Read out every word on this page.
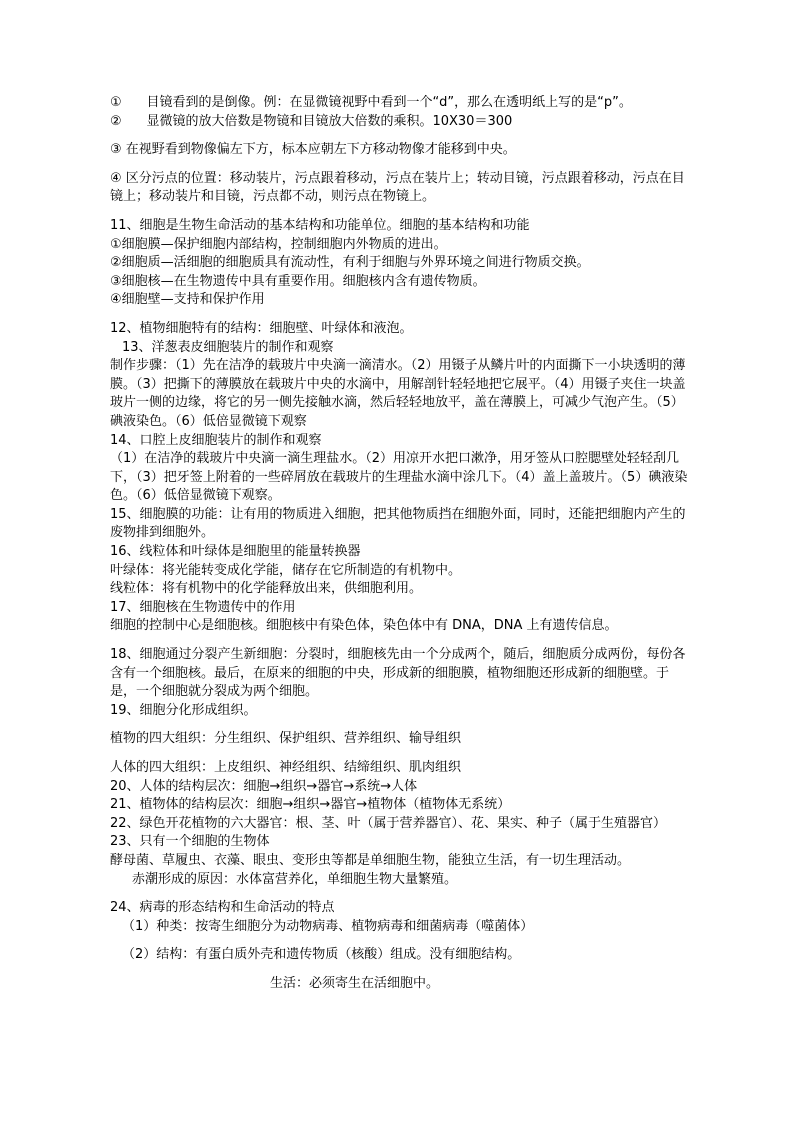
①      目镜看到的是倒像。例：在显微镜视野中看到一个“d”，那么在透明纸上写的是“p”。
②      显微镜的放大倍数是物镜和目镜放大倍数的乘积。10X30＝300
③ 在视野看到物像偏左下方，标本应朝左下方移动物像才能移到中央。
④ 区分污点的位置：移动装片，污点跟着移动，污点在装片上；转动目镜，污点跟着移动，污点在目镜上；移动装片和目镜，污点都不动，则污点在物镜上。
11、细胞是生物生命活动的基本结构和功能单位。细胞的基本结构和功能
①细胞膜—保护细胞内部结构，控制细胞内外物质的进出。
②细胞质—活细胞的细胞质具有流动性，有利于细胞与外界环境之间进行物质交换。
③细胞核—在生物遗传中具有重要作用。细胞核内含有遗传物质。
④细胞壁—支持和保护作用
12、植物细胞特有的结构：细胞壁、叶绿体和液泡。
13、洋葱表皮细胞装片的制作和观察
制作步骤：（1）先在洁净的载玻片中央滴一滴清水。（2）用镊子从鳞片叶的内面撕下一小块透明的薄膜。（3）把撕下的薄膜放在载玻片中央的水滴中，用解剖针轻轻地把它展平。（4）用镊子夹住一块盖玻片一侧的边缘，将它的另一侧先接触水滴，然后轻轻地放平，盖在薄膜上，可减少气泡产生。（5）碘液染色。（6）低倍显微镜下观察
14、口腔上皮细胞装片的制作和观察
（1）在洁净的载玻片中央滴一滴生理盐水。（2）用凉开水把口漱净，用牙签从口腔腮壁处轻轻刮几下，（3）把牙签上附着的一些碎屑放在载玻片的生理盐水滴中涂几下。（4）盖上盖玻片。（5）碘液染色。（6）低倍显微镜下观察。
15、细胞膜的功能：让有用的物质进入细胞，把其他物质挡在细胞外面，同时，还能把细胞内产生的废物排到细胞外。
16、线粒体和叶绿体是细胞里的能量转换器
叶绿体：将光能转变成化学能，储存在它所制造的有机物中。
线粒体：将有机物中的化学能释放出来，供细胞利用。
17、细胞核在生物遗传中的作用
细胞的控制中心是细胞核。细胞核中有染色体，染色体中有 DNA，DNA 上有遗传信息。
18、细胞通过分裂产生新细胞：分裂时，细胞核先由一个分成两个，随后，细胞质分成两份，每份各含有一个细胞核。最后，在原来的细胞的中央，形成新的细胞膜，植物细胞还形成新的细胞壁。于是，一个细胞就分裂成为两个细胞。
19、细胞分化形成组织。
植物的四大组织：分生组织、保护组织、营养组织、输导组织
人体的四大组织：上皮组织、神经组织、结缔组织、肌肉组织
20、人体的结构层次：细胞→组织→器官→系统→人体
21、植物体的结构层次：细胞→组织→器官→植物体（植物体无系统）
22、绿色开花植物的六大器官：根、茎、叶（属于营养器官）、花、果实、种子（属于生殖器官）
23、只有一个细胞的生物体
酵母菌、草履虫、衣藻、眼虫、变形虫等都是单细胞生物，能独立生活，有一切生理活动。
赤潮形成的原因：水体富营养化，单细胞生物大量繁殖。
24、病毒的形态结构和生命活动的特点
（1）种类：按寄生细胞分为动物病毒、植物病毒和细菌病毒（噬菌体）
（2）结构：有蛋白质外壳和遗传物质（核酸）组成。没有细胞结构。
生活：必须寄生在活细胞中。
